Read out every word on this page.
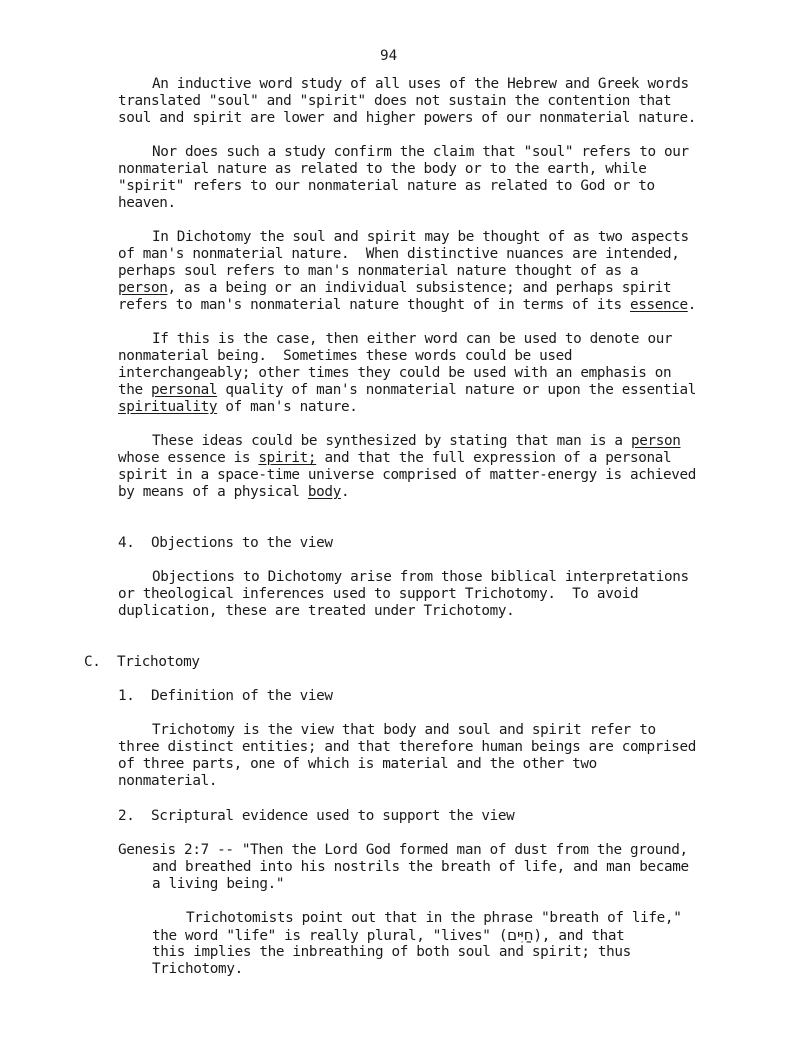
94
An inductive word study of all uses of the Hebrew and Greek words
translated "soul" and "spirit" does not sustain the contention that
soul and spirit are lower and higher powers of our nonmaterial nature.
Nor does such a study confirm the claim that "soul" refers to our
nonmaterial nature as related to the body or to the earth, while
"spirit" refers to our nonmaterial nature as related to God or to
heaven.
In Dichotomy the soul and spirit may be thought of as two aspects
of man's nonmaterial nature.  When distinctive nuances are intended,
perhaps soul refers to man's nonmaterial nature thought of as a
person, as a being or an individual subsistence; and perhaps spirit
refers to man's nonmaterial nature thought of in terms of its essence.
If this is the case, then either word can be used to denote our
nonmaterial being.  Sometimes these words could be used
interchangeably; other times they could be used with an emphasis on
the personal quality of man's nonmaterial nature or upon the essential
spirituality of man's nature.
These ideas could be synthesized by stating that man is a person
whose essence is spirit; and that the full expression of a personal
spirit in a space-time universe comprised of matter-energy is achieved
by means of a physical body.
4.  Objections to the view
Objections to Dichotomy arise from those biblical interpretations
or theological inferences used to support Trichotomy.  To avoid
duplication, these are treated under Trichotomy.
C.  Trichotomy
1.  Definition of the view
Trichotomy is the view that body and soul and spirit refer to
three distinct entities; and that therefore human beings are comprised
of three parts, one of which is material and the other two
nonmaterial.
2.  Scriptural evidence used to support the view
Genesis 2:7 -- "Then the Lord God formed man of dust from the ground,
and breathed into his nostrils the breath of life, and man became
a living being."
Trichotomists point out that in the phrase "breath of life,"
the word "life" is really plural, "lives" (חַיִּים), and that
this implies the inbreathing of both soul and spirit; thus
Trichotomy.
